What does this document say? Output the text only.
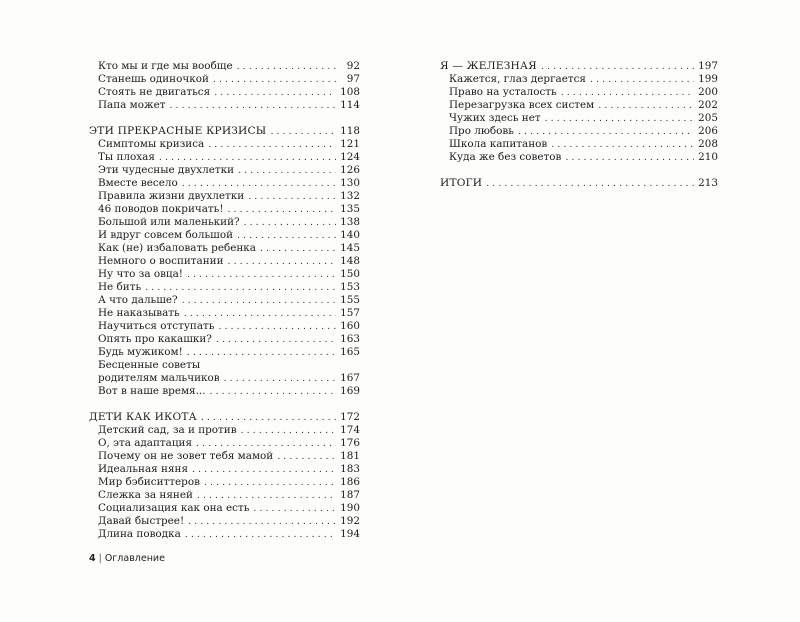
Кто мы и где мы вообще . . .	92
Станешь одиночкой . . .	97
Стоять не двигаться . . .	108
Папа может . . .	114
ЭТИ ПРЕКРАСНЫЕ КРИЗИСЫ . . .	118
Симптомы кризиса . . .	121
Ты плохая . . .	124
Эти чудесные двухлетки . . .	126
Вместе весело . . .	130
Правила жизни двухлетки . . .	132
46 поводов покричать! . . .	135
Большой или маленький? . . .	138
И вдруг совсем большой . . .	140
Как (не) избаловать ребенка . . .	145
Немного о воспитании . . .	148
Ну что за овца! . . .	150
Не бить . . .	153
А что дальше? . . .	155
Не наказывать . . .	157
Научиться отступать . . .	160
Опять про какашки? . . .	163
Будь мужиком! . . .	165
Бесценные советы
родителям мальчиков . . .	167
Вот в наше время... . . .	169
ДЕТИ КАК ИКОТА . . .	172
Детский сад, за и против . . .	174
О, эта адаптация . . .	176
Почему он не зовет тебя мамой . . .	181
Идеальная няня . . .	183
Мир бэбиситтеров . . .	186
Слежка за няней . . .	187
Социализация как она есть . . .	190
Давай быстрее! . . .	192
Длина поводка . . .	194
Я — ЖЕЛЕЗНАЯ . . .	197
Кажется, глаз дергается . . .	199
Право на усталость . . .	200
Перезагрузка всех систем . . .	202
Чужих здесь нет . . .	205
Про любовь . . .	206
Школа капитанов . . .	208
Куда же без советов . . .	210
ИТОГИ . . .	213
4 | Оглавление
